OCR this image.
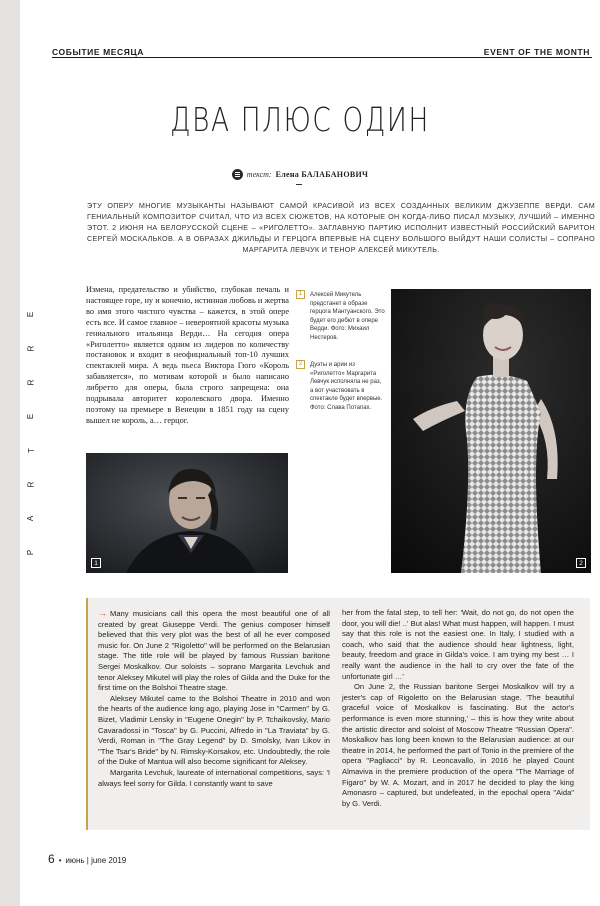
СОБЫТИЕ МЕСЯЦА	EVENT OF THE MONTH
ДВА ПЛЮС ОДИН
текст: Елена БАЛАБАНОВИЧ
ЭТУ ОПЕРУ МНОГИЕ МУЗЫКАНТЫ НАЗЫВАЮТ САМОЙ КРАСИВОЙ ИЗ ВСЕХ СОЗДАННЫХ ВЕЛИКИМ ДЖУЗЕППЕ ВЕРДИ. САМ ГЕНИАЛЬНЫЙ КОМПОЗИТОР СЧИТАЛ, ЧТО ИЗ ВСЕХ СЮЖЕТОВ, НА КОТОРЫЕ ОН КОГДА-ЛИБО ПИСАЛ МУЗЫКУ, ЛУЧШИЙ – ИМЕННО ЭТОТ. 2 ИЮНЯ НА БЕЛОРУССКОЙ СЦЕНЕ – «РИГОЛЕТТО». ЗАГЛАВНУЮ ПАРТИЮ ИСПОЛНИТ ИЗВЕСТНЫЙ РОССИЙСКИЙ БАРИТОН СЕРГЕЙ МОСКАЛЬКОВ. А В ОБРАЗАХ ДЖИЛЬДЫ И ГЕРЦОГА ВПЕРВЫЕ НА СЦЕНУ БОЛЬШОГО ВЫЙДУТ НАШИ СОЛИСТЫ – СОПРАНО МАРГАРИТА ЛЕВЧУК И ТЕНОР АЛЕКСЕЙ МИКУТЕЛЬ.
E
R
R
E
T
R
A
P
Измена, предательство и убийство, глубокая печаль и настоящее горе, ну и конечно, истинная любовь и жертва во имя этого чистого чувства – кажется, в этой опере есть все. И самое главное – невероятной красоты музыка гениального итальянца Верди… На сегодня опера «Риголетто» является одним из лидеров по количеству постановок и входит в неофициальный топ-10 лучших спектаклей мира. А ведь пьеса Виктора Гюго «Король забавляется», по мотивам которой и было написано либретто для оперы, была строго запрещена: она подрывала авторитет королевского двора. Именно поэтому на премьере в Венеции в 1851 году на сцену вышел не король, а… герцог.
1	Алексей Микутель предстанет в образе герцога Мантуанского. Это будет его дебют в опере Верди. Фото: Михаил Нестеров.

2	Дуэты и арии из «Риголетто» Маргарита Левчук исполняла не раз, а вот участвовать в спектакле будет впервые. Фото: Слава Потапах.

1	2

→ Many musicians call this opera the most beautiful one of all created by great Giuseppe Verdi. The genius composer himself believed that this very plot was the best of all he ever composed music for. On June 2 "Rigoletto" will be performed on the Belarusian stage. The title role will be played by famous Russian baritone Sergei Moskalkov. Our soloists – soprano Margarita Levchuk and tenor Aleksey Mikutel will play the roles of Gilda and the Duke for the first time on the Bolshoi Theatre stage.

Aleksey Mikutel came to the Bolshoi Theatre in 2010 and won the hearts of the audience long ago, playing Jose in "Carmen" by G. Bizet, Vladimir Lensky in "Eugene Onegin" by P. Tchaikovsky, Mario Cavaradossi in "Tosca" by G. Puccini, Alfredo in "La Traviata" by G. Verdi, Roman in "The Gray Legend" by D. Smolsky, Ivan Likov in "The Tsar's Bride" by N. Rimsky-Korsakov, etc. Undoubtedly, the role of the Duke of Mantua will also become significant for Aleksey.

Margarita Levchuk, laureate of international competitions, says: 'I always feel sorry for Gilda. I constantly want to save

her from the fatal step, to tell her: 'Wait, do not go, do not open the door, you will die! ..' But alas! What must happen, will happen. I must say that this role is not the easiest one. In Italy, I studied with a coach, who said that the audience should hear lightness, light, beauty, freedom and grace in Gilda's voice. I am trying my best … I really want the audience in the hall to cry over the fate of the unfortunate girl …'

On June 2, the Russian baritone Sergei Moskalkov will try a jester's cap of Rigoletto on the Belarusian stage. 'The beautiful graceful voice of Moskalkov is fascinating. But the actor's performance is even more stunning,' – this is how they write about the artistic director and soloist of Moscow Theatre "Russian Opera". Moskalkov has long been known to the Belarusian audience: at our theatre in 2014, he performed the part of Tonio in the premiere of the opera "Pagliacci" by R. Leoncavallo, in 2016 he played Count Almaviva in the premiere production of the opera "The Marriage of Figaro" by W. A. Mozart, and in 2017 he decided to play the king Amonasro – captured, but undefeated, in the epochal opera "Aida" by G. Verdi.

6 • июнь | june 2019
